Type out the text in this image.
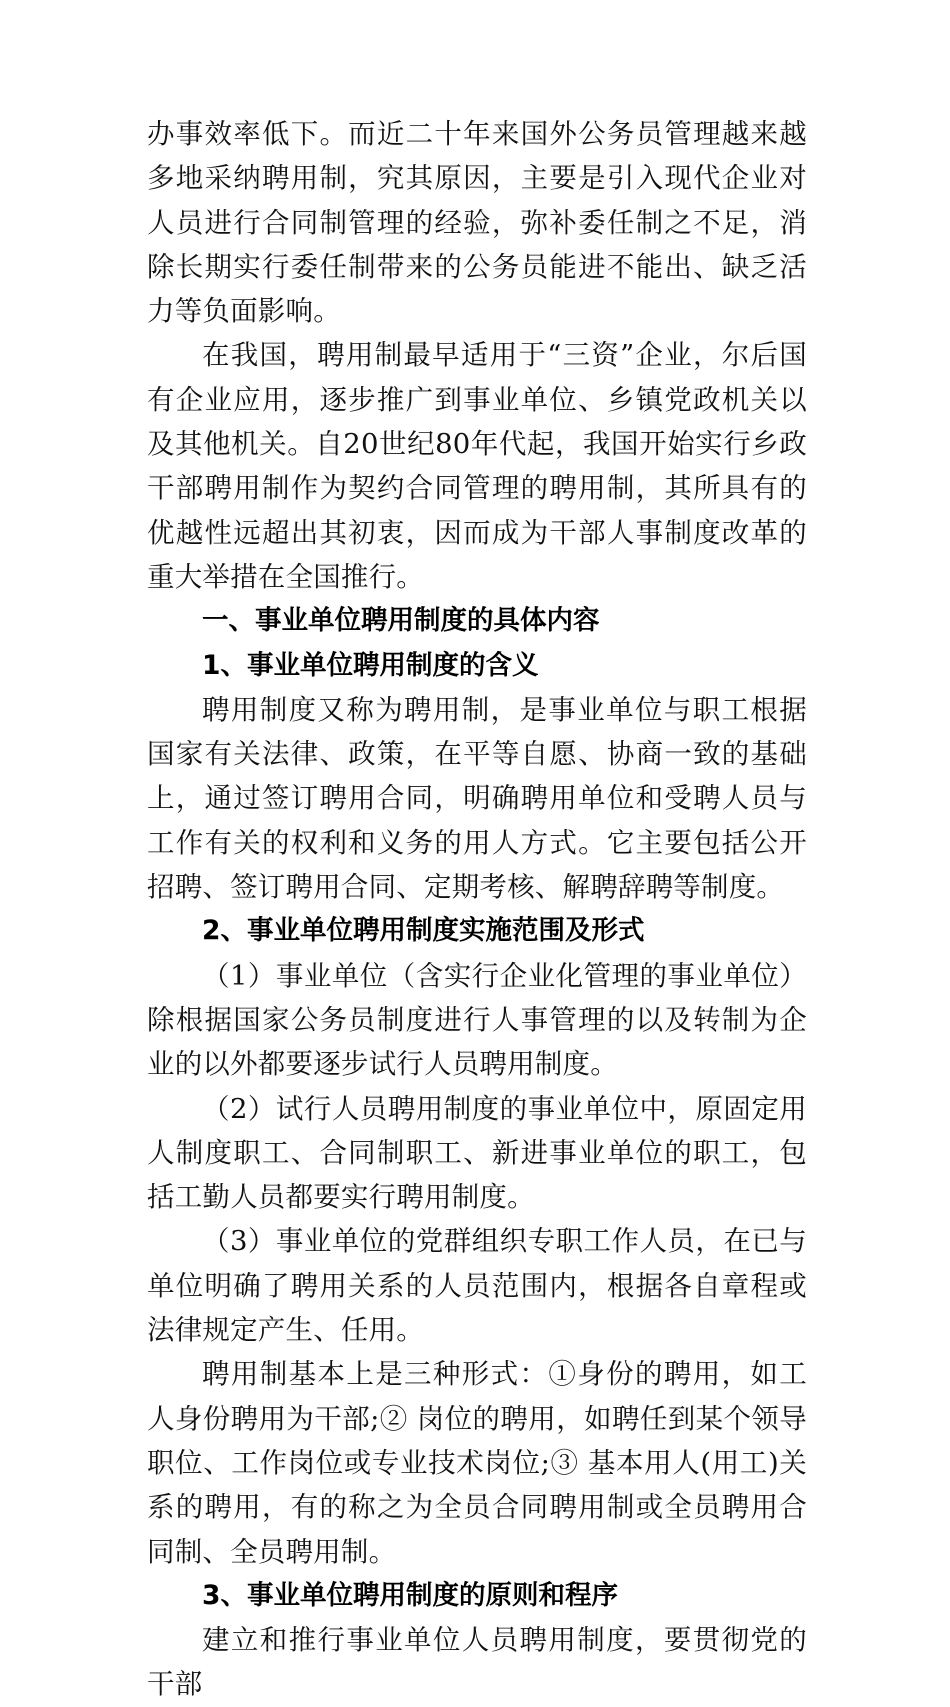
办事效率低下。而近二十年来国外公务员管理越来越多地采纳聘用制，究其原因，主要是引入现代企业对人员进行合同制管理的经验，弥补委任制之不足，消除长期实行委任制带来的公务员能进不能出、缺乏活力等负面影响。

在我国，聘用制最早适用于“三资”企业，尔后国有企业应用，逐步推广到事业单位、乡镇党政机关以及其他机关。自20世纪80年代起，我国开始实行乡政干部聘用制作为契约合同管理的聘用制，其所具有的优越性远超出其初衷，因而成为干部人事制度改革的重大举措在全国推行。

一、事业单位聘用制度的具体内容

1、事业单位聘用制度的含义

聘用制度又称为聘用制，是事业单位与职工根据国家有关法律、政策，在平等自愿、协商一致的基础上，通过签订聘用合同，明确聘用单位和受聘人员与工作有关的权利和义务的用人方式。它主要包括公开招聘、签订聘用合同、定期考核、解聘辞聘等制度。

2、事业单位聘用制度实施范围及形式

（1）事业单位（含实行企业化管理的事业单位）除根据国家公务员制度进行人事管理的以及转制为企业的以外都要逐步试行人员聘用制度。

（2）试行人员聘用制度的事业单位中，原固定用人制度职工、合同制职工、新进事业单位的职工，包括工勤人员都要实行聘用制度。

（3）事业单位的党群组织专职工作人员，在已与单位明确了聘用关系的人员范围内，根据各自章程或法律规定产生、任用。

聘用制基本上是三种形式：①身份的聘用，如工人身份聘用为干部;② 岗位的聘用，如聘任到某个领导职位、工作岗位或专业技术岗位;③ 基本用人(用工)关系的聘用，有的称之为全员合同聘用制或全员聘用合同制、全员聘用制。

3、事业单位聘用制度的原则和程序

建立和推行事业单位人员聘用制度，要贯彻党的干部
